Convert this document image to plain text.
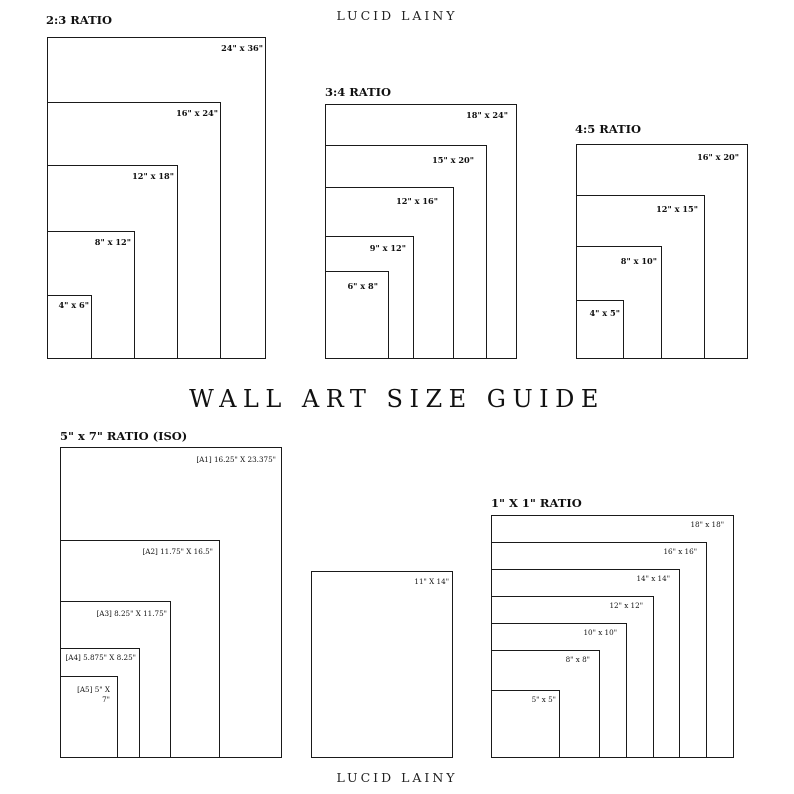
LUCID LAINY
2:3 RATIO
24" x 36"
16" x 24"
12" x 18"
8" x 12"
4" x 6"
3:4 RATIO
18" x 24"
15" x 20"
12" x 16"
9" x 12"
6" x 8"
4:5 RATIO
16" x 20"
12" x 15"
8" x 10"
4" x 5"
WALL ART SIZE GUIDE
5" x 7" RATIO (ISO)
[A1] 16.25" X 23.375"
[A2] 11.75" X 16.5"
[A3] 8.25" X 11.75"
[A4] 5.875" X 8.25"
[A5] 5" X 7"
11" X 14"
1" X 1" RATIO
18" x 18"
16" x 16"
14" x 14"
12" x 12"
10" x 10"
8" x 8"
5" x 5"
LUCID LAINY
